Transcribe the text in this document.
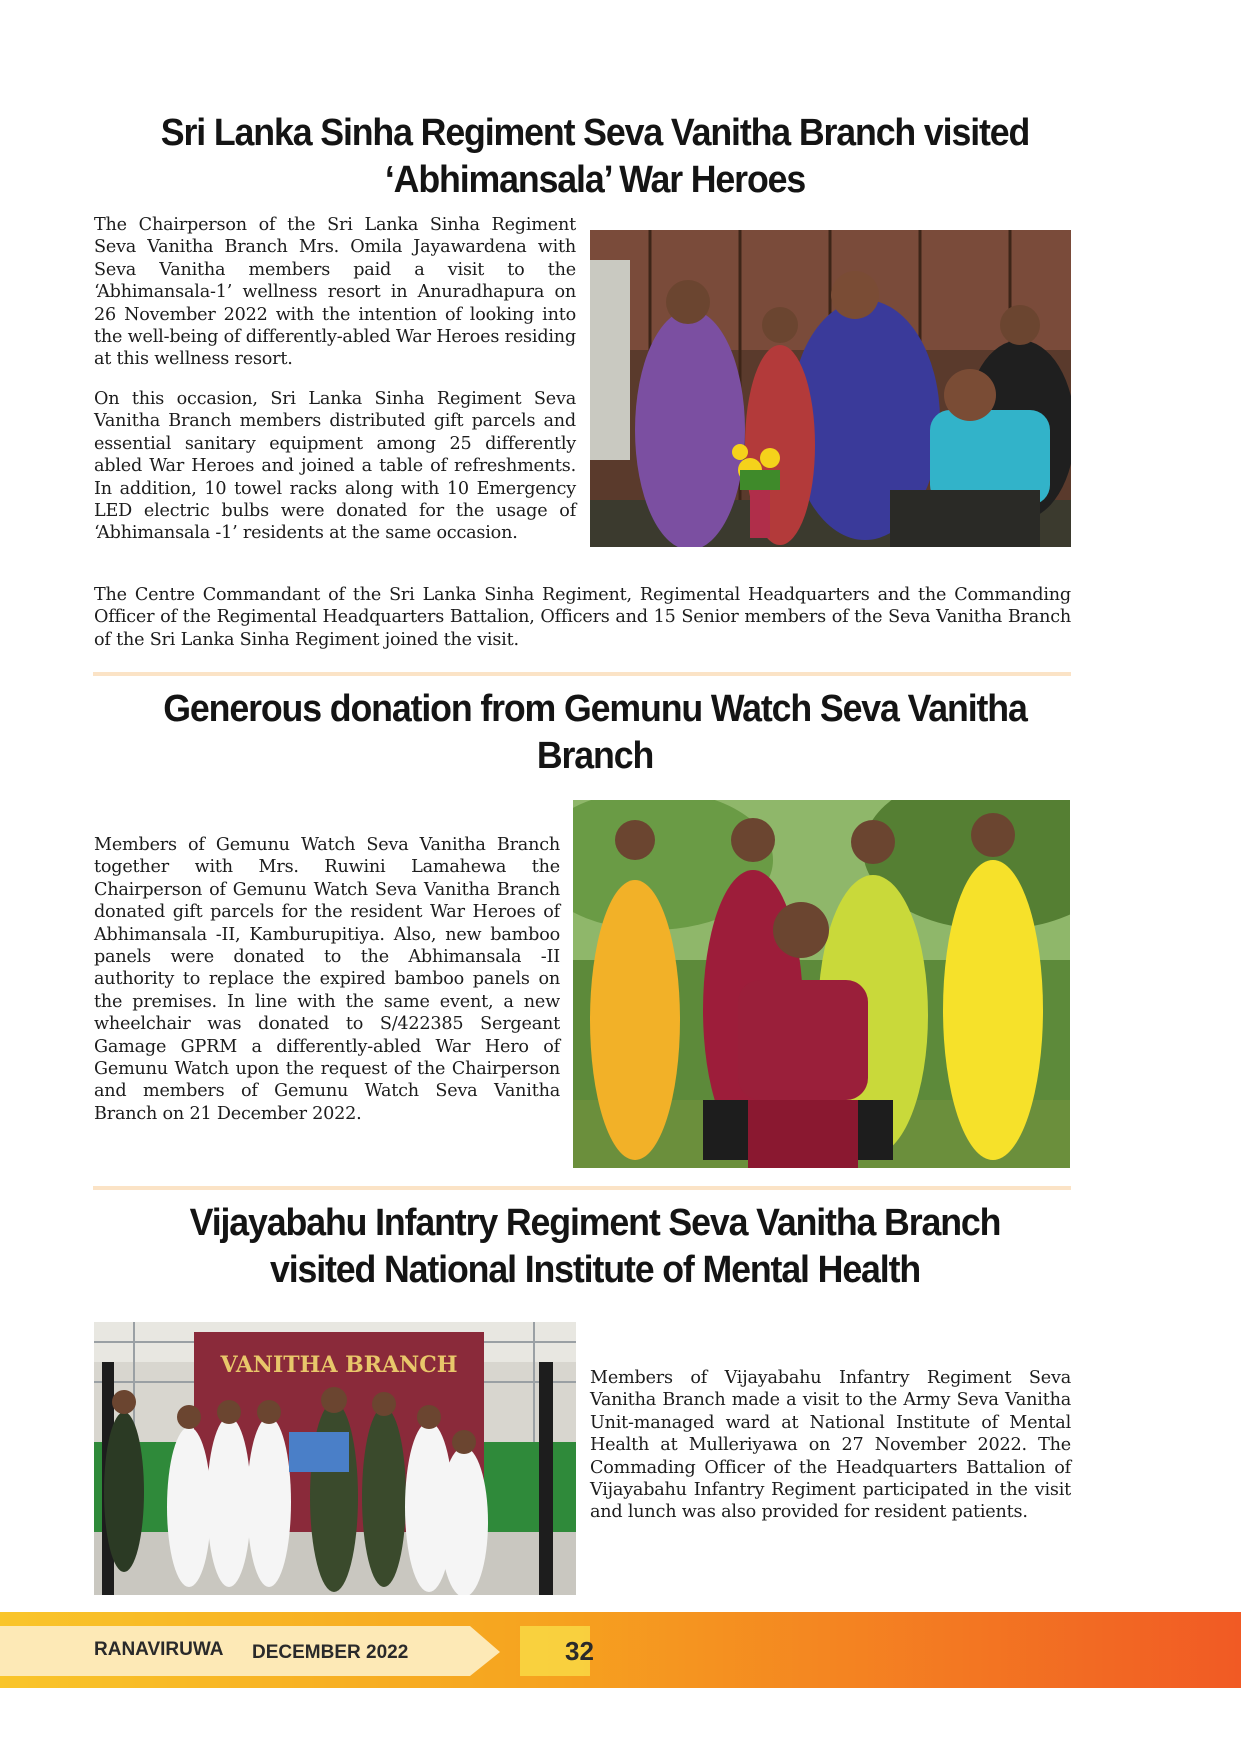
Sri Lanka Sinha Regiment Seva Vanitha Branch visited
‘Abhimansala’ War Heroes

The Chairperson of the Sri Lanka Sinha Regiment Seva Vanitha Branch Mrs. Omila Jayawardena with Seva Vanitha members paid a visit to the ‘Abhimansala-1’ wellness resort in Anuradhapura on 26 November 2022 with the intention of looking into the well-being of differently-abled War Heroes residing at this wellness resort.

On this occasion, Sri Lanka Sinha Regiment Seva Vanitha Branch members distributed gift parcels and essential sanitary equipment among 25 differently abled War Heroes and joined a table of refreshments. In addition, 10 towel racks along with 10 Emergency LED electric bulbs were donated for the usage of ‘Abhimansala -1’ residents at the same occasion.

The Centre Commandant of the Sri Lanka Sinha Regiment, Regimental Headquarters and the Commanding Officer of the Regimental Headquarters Battalion, Officers and 15 Senior members of the Seva Vanitha Branch of the Sri Lanka Sinha Regiment joined the visit.

Generous donation from Gemunu Watch Seva Vanitha
Branch

Members of Gemunu Watch Seva Vanitha Branch together with Mrs. Ruwini Lamahewa the Chairperson of Gemunu Watch Seva Vanitha Branch donated gift parcels for the resident War Heroes of Abhimansala -II, Kamburupitiya. Also, new bamboo panels were donated to the Abhimansala -II authority to replace the expired bamboo panels on the premises. In line with the same event, a new wheelchair was donated to S/422385 Sergeant Gamage GPRM a differently-abled War Hero of Gemunu Watch upon the request of the Chairperson and members of Gemunu Watch Seva Vanitha Branch on 21 December 2022.

Vijayabahu Infantry Regiment Seva Vanitha Branch
visited National Institute of Mental Health
VANITHA BRANCH	Members of Vijayabahu Infantry Regiment Seva Vanitha Branch made a visit to the Army Seva Vanitha Unit-managed ward at National Institute of Mental Health at Mulleriyawa on 27 November 2022. The Commading Officer of the Headquarters Battalion of Vijayabahu Infantry Regiment participated in the visit and lunch was also provided for resident patients.

RANAVIRUWA DECEMBER 2022	32
